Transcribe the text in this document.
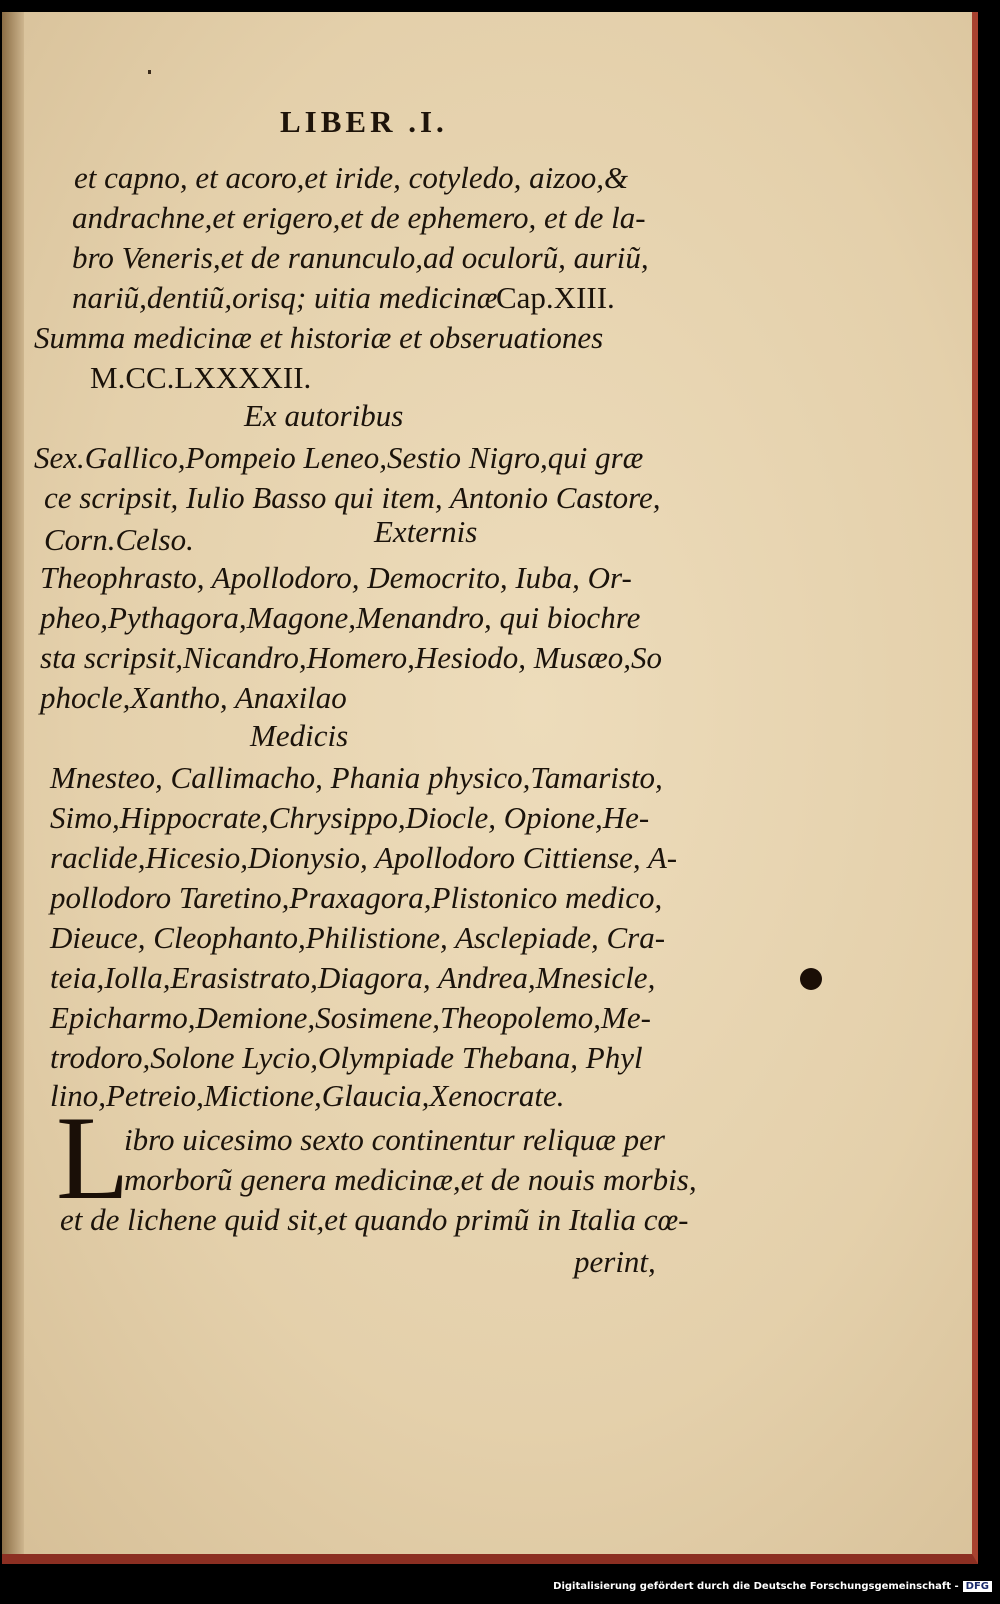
LIBER .I.
et capno, et acoro,et iride, cotyledo, aizoo,&
andrachne,et erigero,et de ephemero, et de la-
bro Veneris,et de ranunculo,ad oculorũ, auriũ,
nariũ,dentiũ,orisq; uitia medicinæ
Cap.XIII.
Summa medicinæ et historiæ et obseruationes
M.CC.LXXXXII.
Ex autoribus
Sex.Gallico,Pompeio Leneo,Sestio Nigro,qui græ
ce scripsit, Iulio Basso qui item, Antonio Castore,
Corn.Celso.	Externis
Theophrasto, Apollodoro, Democrito, Iuba, Or-
pheo,Pythagora,Magone,Menandro, qui biochre
sta scripsit,Nicandro,Homero,Hesiodo, Musæo,So
phocle,Xantho, Anaxilao
Medicis
Mnesteo, Callimacho, Phania physico,Tamaristo,
Simo,Hippocrate,Chrysippo,Diocle, Opione,He-
raclide,Hicesio,Dionysio, Apollodoro Cittiense, A-
pollodoro Taretino,Praxagora,Plistonico medico,
Dieuce, Cleophanto,Philistione, Asclepiade, Cra-
teia,Iolla,Erasistrato,Diagora, Andrea,Mnesicle,
Epicharmo,Demione,Sosimene,Theopolemo,Me-
trodoro,Solone Lycio,Olympiade Thebana, Phyl
lino,Petreio,Mictione,Glaucia,Xenocrate.
L
ibro uicesimo sexto continentur reliquæ per
morborũ genera medicinæ,et de nouis morbis,
et de lichene quid sit,et quando primũ in Italia cœ-
perint,
Digitalisierung gefördert durch die Deutsche Forschungsgemeinschaft - DFG
